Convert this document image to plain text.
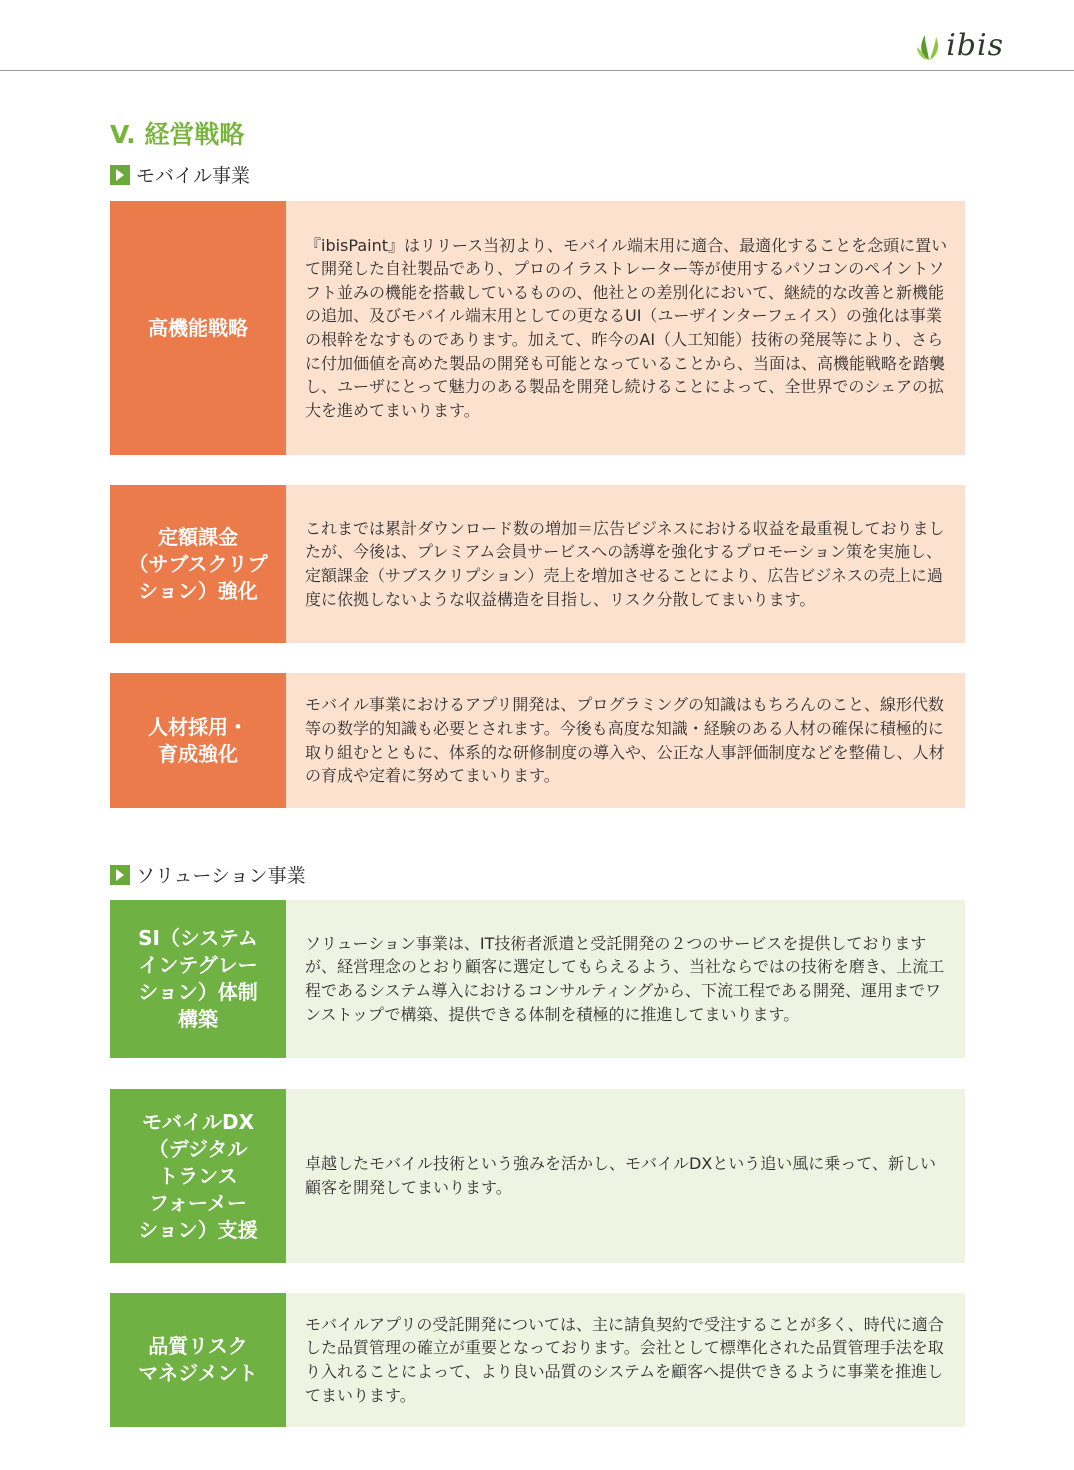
ibis
V. 経営戦略
モバイル事業
高機能戦略
『ibisPaint』はリリース当初より、モバイル端末用に適合、最適化することを念頭に置いて開発した自社製品であり、プロのイラストレーター等が使用するパソコンのペイントソフト並みの機能を搭載しているものの、他社との差別化において、継続的な改善と新機能の追加、及びモバイル端末用としての更なるUI（ユーザインターフェイス）の強化は事業の根幹をなすものであります。加えて、昨今のAI（人工知能）技術の発展等により、さらに付加価値を高めた製品の開発も可能となっていることから、当面は、高機能戦略を踏襲し、ユーザにとって魅力のある製品を開発し続けることによって、全世界でのシェアの拡大を進めてまいります。
定額課金
（サブスクリプ
ション）強化
これまでは累計ダウンロード数の増加＝広告ビジネスにおける収益を最重視しておりましたが、今後は、プレミアム会員サービスへの誘導を強化するプロモーション策を実施し、定額課金（サブスクリプション）売上を増加させることにより、広告ビジネスの売上に過度に依拠しないような収益構造を目指し、リスク分散してまいります。
人材採用・
育成強化
モバイル事業におけるアプリ開発は、プログラミングの知識はもちろんのこと、線形代数等の数学的知識も必要とされます。今後も高度な知識・経験のある人材の確保に積極的に取り組むとともに、体系的な研修制度の導入や、公正な人事評価制度などを整備し、人材の育成や定着に努めてまいります。
ソリューション事業
SI（システム
インテグレー
ション）体制
構築
ソリューション事業は、IT技術者派遣と受託開発の２つのサービスを提供しておりますが、経営理念のとおり顧客に選定してもらえるよう、当社ならではの技術を磨き、上流工程であるシステム導入におけるコンサルティングから、下流工程である開発、運用までワンストップで構築、提供できる体制を積極的に推進してまいります。
モバイルDX
（デジタル
トランス
フォーメー
ション）支援
卓越したモバイル技術という強みを活かし、モバイルDXという追い風に乗って、新しい顧客を開発してまいります。
品質リスク
マネジメント
モバイルアプリの受託開発については、主に請負契約で受注することが多く、時代に適合した品質管理の確立が重要となっております。会社として標準化された品質管理手法を取り入れることによって、より良い品質のシステムを顧客へ提供できるように事業を推進してまいります。
